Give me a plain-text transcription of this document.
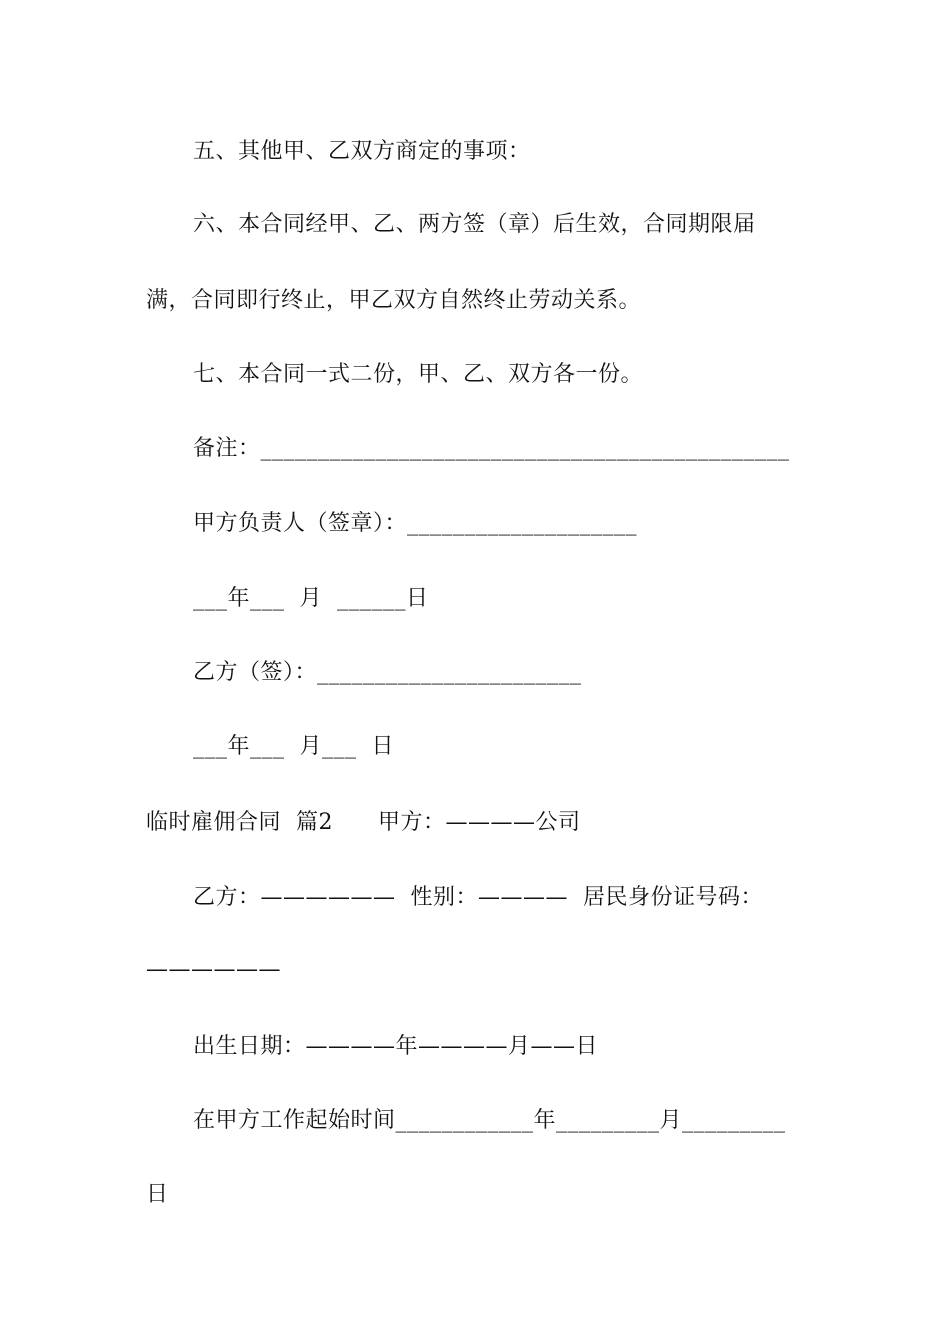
五、其他甲、乙双方商定的事项：
六、本合同经甲、乙、两方签（章）后生效，合同期限届
满，合同即行终止，甲乙双方自然终止劳动关系。
七、本合同一式二份，甲、乙、双方各一份。
备注：______________________________________________
甲方负责人（签章）：____________________
___年___  月  ______日
乙方（签）：_______________________
___年___  月___  日
临时雇佣合同  篇2      甲方：————公司
乙方：——————  性别：————  居民身份证号码：
——————
出生日期：————年————月——日
在甲方工作起始时间____________年_________月_________
日
